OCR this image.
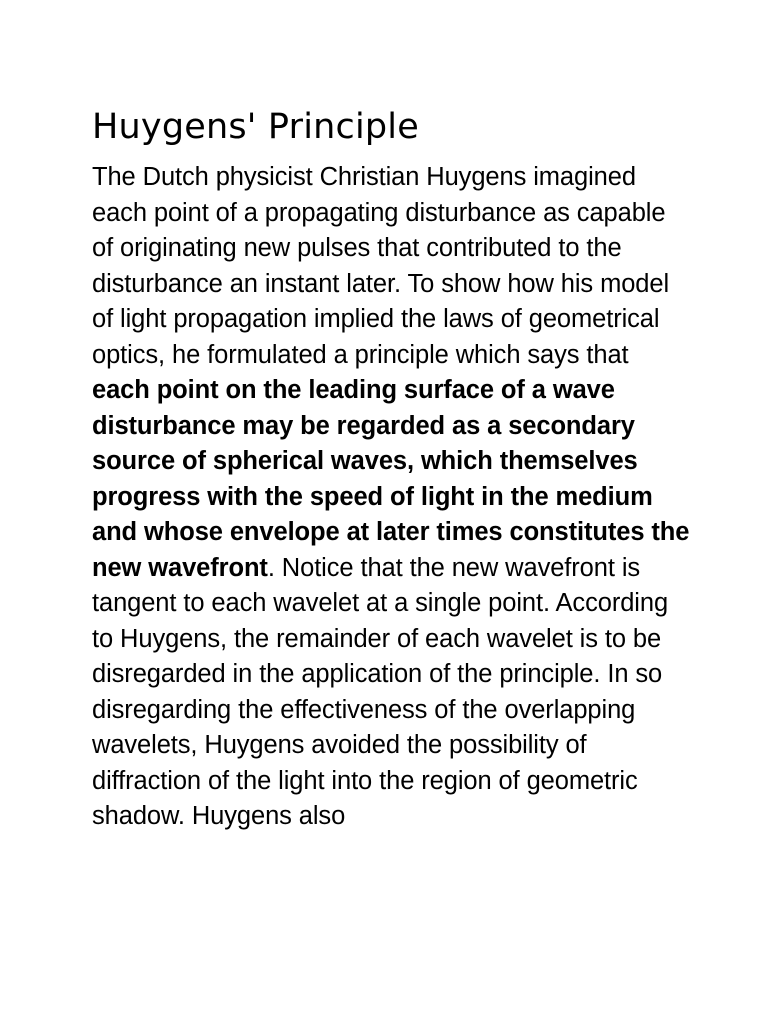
Huygens' Principle

The Dutch physicist Christian Huygens imagined each point of a propagating disturbance as capable of originating new pulses that contributed to the disturbance an instant later. To show how his model of light propagation implied the laws of geometrical optics, he formulated a principle which says that each point on the leading surface of a wave disturbance may be regarded as a secondary source of spherical waves, which themselves progress with the speed of light in the medium and whose envelope at later times constitutes the new wavefront. Notice that the new wavefront is tangent to each wavelet at a single point. According to Huygens, the remainder of each wavelet is to be disregarded in the application of the principle. In so disregarding the effectiveness of the overlapping wavelets, Huygens avoided the possibility of diffraction of the light into the region of geometric shadow. Huygens also
